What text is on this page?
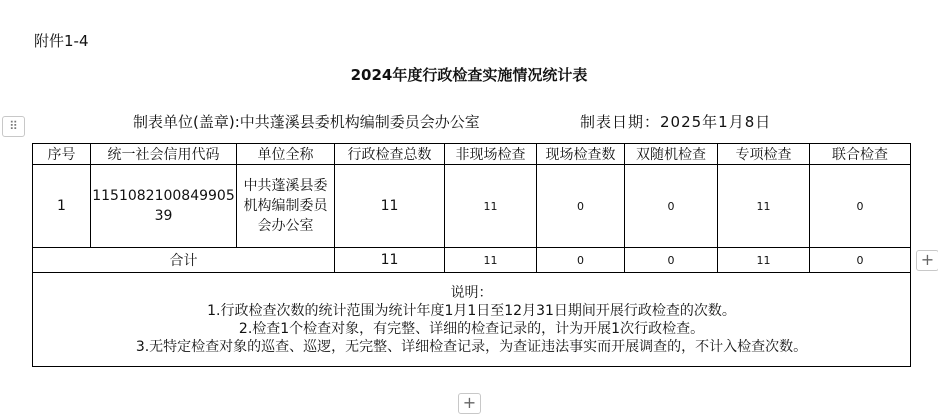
附件1-4
2024年度行政检查实施情况统计表
制表单位(盖章):中共蓬溪县委机构编制委员会办公室	制表日期：2025年1月8日
⠿
+
+
序号	统一社会信用代码	单位全称	行政检查总数	非现场检查	现场检查数	双随机检查	专项检查	联合检查
1	115108210084990539	中共蓬溪县委机构编制委员会办公室	11	11	0	0	11	0
合计			11	11	0	0	11	0

说明：
1.行政检查次数的统计范围为统计年度1月1日至12月31日期间开展行政检查的次数。
2.检查1个检查对象，有完整、详细的检查记录的，计为开展1次行政检查。
3.无特定检查对象的巡查、巡逻，无完整、详细检查记录，为查证违法事实而开展调查的，不计入检查次数。								
